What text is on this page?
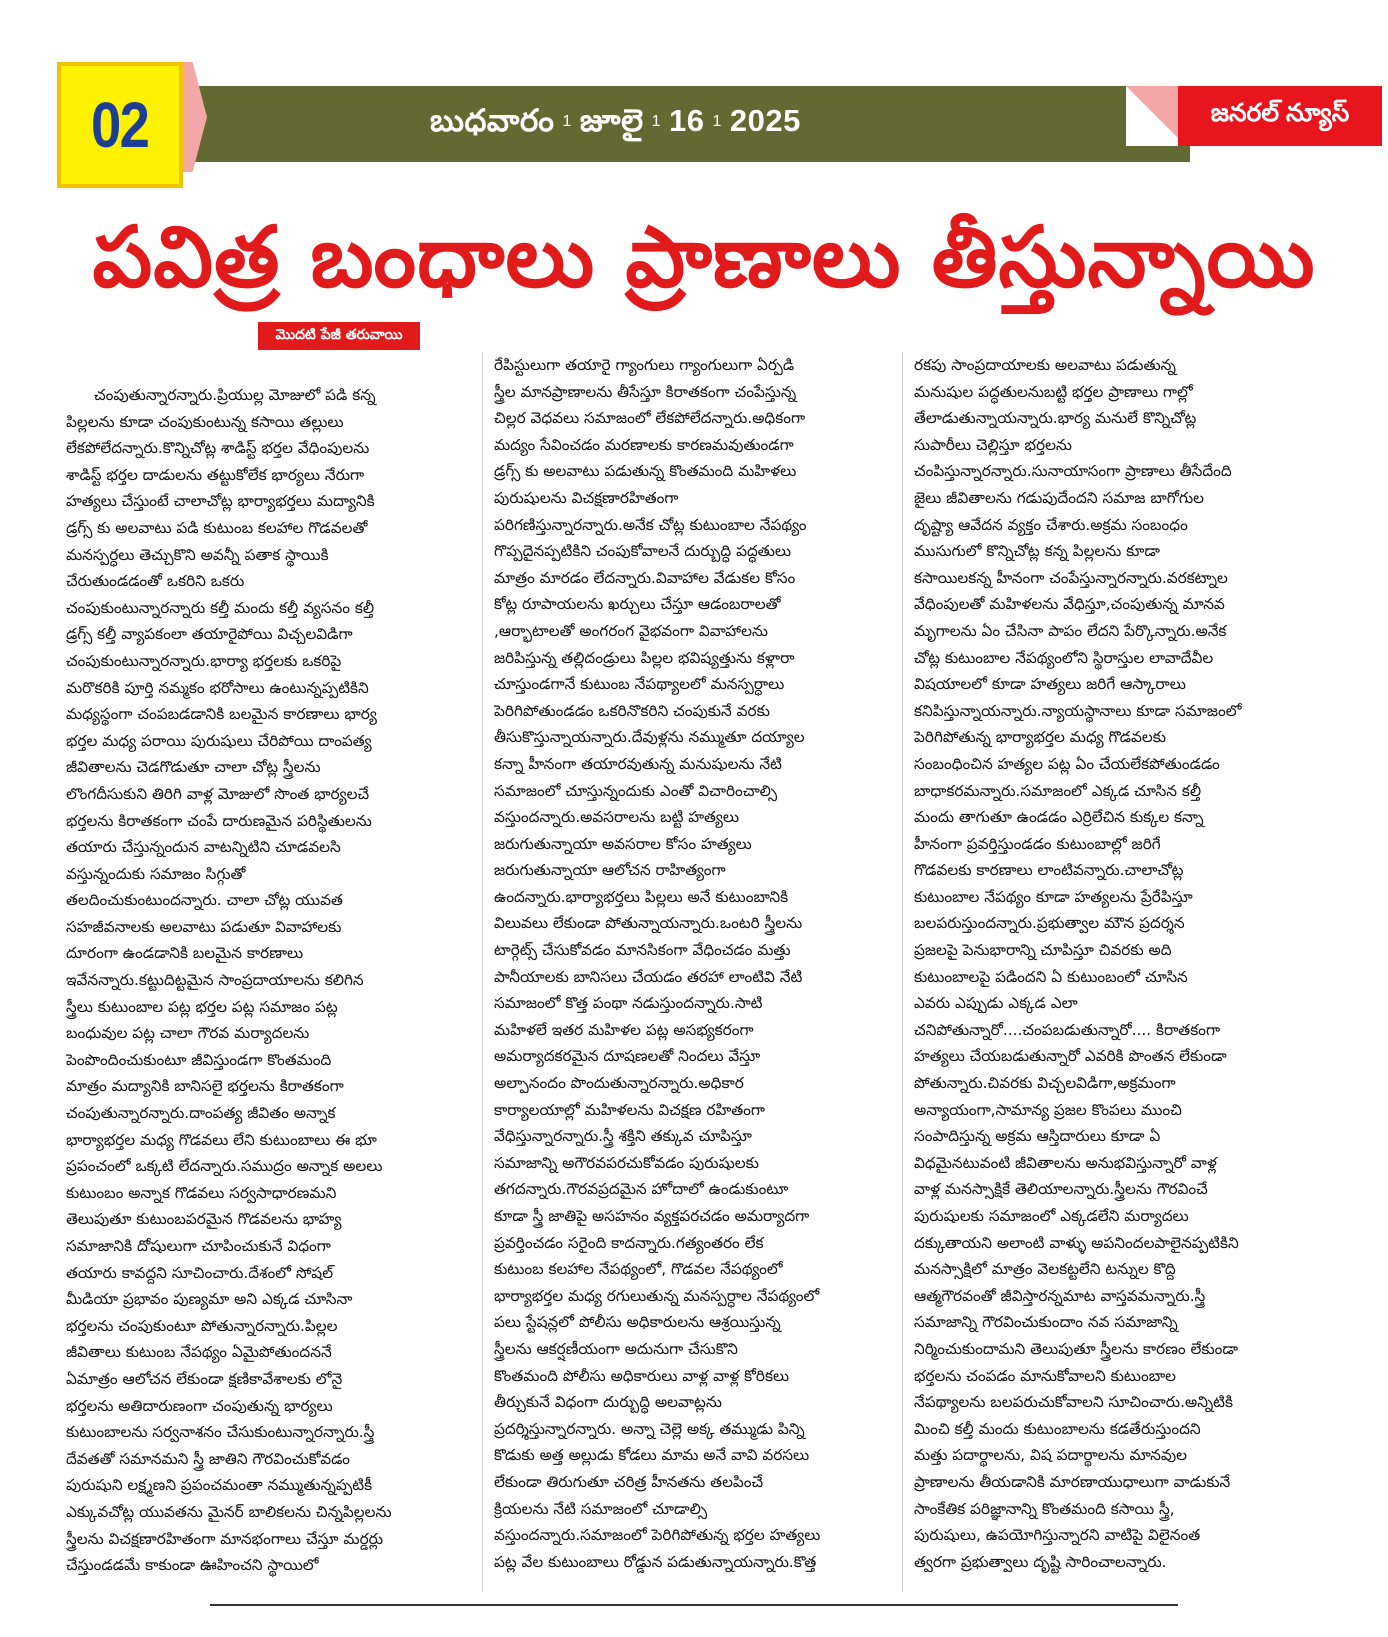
02	బుధవారం 1 జూలై 1 16 1 2025	జనరల్ న్యూస్
పవిత్ర బంధాలు ప్రాణాలు తీస్తున్నాయి
మొదటి పేజీ తరువాయి
చంపుతున్నారన్నారు.ప్రియుల్ల మోజులో పడి కన్న
పిల్లలను కూడా చంపుకుంటున్న కసాయి తల్లులు
లేకపోలేదన్నారు.కొన్నిచోట్ల శాడిస్ట్ భర్తల వేధింపులను
శాడిస్ట్ భర్తల దాడులను తట్టుకోలేక భార్యలు నేరుగా
హత్యలు చేస్తుంటే చాలాచోట్ల భార్యాభర్తలు మద్యానికి
డ్రగ్స్ కు అలవాటు పడి కుటుంబ కలహాల గొడవలతో
మనస్పర్ధలు తెచ్చుకొని అవన్నీ పతాక స్థాయికి
చేరుతుండడంతో ఒకరిని ఒకరు
చంపుకుంటున్నారన్నారు కల్తీ మందు కల్తీ వ్యసనం కల్తీ
డ్రగ్స్ కల్తీ వ్యాపకంలా తయారైపోయి విచ్చలవిడిగా
చంపుకుంటున్నారన్నారు.భార్యా భర్తలకు ఒకరిపై
మరొకరికి పూర్తి నమ్మకం భరోసాలు ఉంటున్నప్పటికిని
మధ్యస్థంగా చంపబడడానికి బలమైన కారణాలు భార్య
భర్తల మధ్య పరాయి పురుషులు చేరిపోయి దాంపత్య
జీవితాలను చెడగొడుతూ చాలా చోట్ల స్త్రీలను
లొంగదీసుకుని తిరిగి వాళ్ల మోజులో సొంత భార్యలచే
భర్తలను కిరాతకంగా చంపే దారుణమైన పరిస్థితులను
తయారు చేస్తున్నందున వాటన్నిటిని చూడవలసి
వస్తున్నందుకు సమాజం సిగ్గుతో
తలదించుకుంటుందన్నారు. చాలా చోట్ల యువత
సహజీవనాలకు అలవాటు పడుతూ వివాహాలకు
దూరంగా ఉండడానికి బలమైన కారణాలు
ఇవేనన్నారు.కట్టుదిట్టమైన సాంప్రదాయాలను కలిగిన
స్త్రీలు కుటుంబాల పట్ల భర్తల పట్ల సమాజం పట్ల
బంధువుల పట్ల చాలా గౌరవ మర్యాదలను
పెంపొందించుకుంటూ జీవిస్తుండగా కొంతమంది
మాత్రం మద్యానికి బానిసలై భర్తలను కిరాతకంగా
చంపుతున్నారన్నారు.దాంపత్య జీవితం అన్నాక
భార్యాభర్తల మధ్య గొడవలు లేని కుటుంబాలు ఈ భూ
ప్రపంచంలో ఒక్కటి లేదన్నారు.సముద్రం అన్నాక అలలు
కుటుంబం అన్నాక గొడవలు సర్వసాధారణమని
తెలుపుతూ కుటుంబపరమైన గొడవలను భాహ్య
సమాజానికి దోషులుగా చూపించుకునే విధంగా
తయారు కావద్దని సూచించారు.దేశంలో సోషల్
మీడియా ప్రభావం పుణ్యమా అని ఎక్కడ చూసినా
భర్తలను చంపుకుంటూ పోతున్నారన్నారు.పిల్లల
జీవితాలు కుటుంబ నేపథ్యం ఏమైపోతుందననే
ఏమాత్రం ఆలోచన లేకుండా క్షణికావేశాలకు లోనై
భర్తలను అతిదారుణంగా చంపుతున్న భార్యలు
కుటుంబాలను సర్వనాశనం చేసుకుంటున్నారన్నారు.స్త్రీ
దేవతతో సమానమని స్త్రీ జాతిని గౌరవించుకోవడం
పురుషుని లక్ష్మణని ప్రపంచమంతా నమ్ముతున్నప్పటికీ
ఎక్కువచోట్ల యువతను మైనర్ బాలికలను చిన్నపిల్లలను
స్త్రీలను విచక్షణారహితంగా మానభంగాలు చేస్తూ మర్డర్లు
చేస్తుండడమే కాకుండా ఊహించని స్థాయిలో
రేపిస్టులుగా తయారై గ్యాంగులు గ్యాంగులుగా ఏర్పడి
స్త్రీల మానప్రాణాలను తీసేస్తూ కిరాతకంగా చంపేస్తున్న
చిల్లర వెధవలు సమాజంలో లేకపోలేదన్నారు.అధికంగా
మద్యం సేవించడం మరణాలకు కారణమవుతుండగా
డ్రగ్స్ కు అలవాటు పడుతున్న కొంతమంది మహిళలు
పురుషులను విచక్షణారహితంగా
పరిగణిస్తున్నారన్నారు.అనేక చోట్ల కుటుంబాల నేపథ్యం
గొప్పదైనప్పటికిని చంపుకోవాలనే దుర్బుద్ధి పద్ధతులు
మాత్రం మారడం లేదన్నారు.వివాహాల వేడుకల కోసం
కోట్ల రూపాయలను ఖర్చులు చేస్తూ ఆడంబరాలతో
,ఆర్భాటాలతో అంగరంగ వైభవంగా వివాహాలను
జరిపిస్తున్న తల్లిదండ్రులు పిల్లల భవిష్యత్తును కళ్లారా
చూస్తుండగానే కుటుంబ నేపథ్యాలలో మనస్పర్ధాలు
పెరిగిపోతుండడం ఒకరినొకరిని చంపుకునే వరకు
తీసుకొస్తున్నాయన్నారు.దేవుళ్లను నమ్ముతూ దయ్యాల
కన్నా హీనంగా తయారవుతున్న మనుషులను నేటి
సమాజంలో చూస్తున్నందుకు ఎంతో విచారించాల్సి
వస్తుందన్నారు.అవసరాలను బట్టి హత్యలు
జరుగుతున్నాయా అవసరాల కోసం హత్యలు
జరుగుతున్నాయా ఆలోచన రాహిత్యంగా
ఉందన్నారు.భార్యాభర్తలు పిల్లలు అనే కుటుంబానికి
విలువలు లేకుండా పోతున్నాయన్నారు.ఒంటరి స్త్రీలను
టార్గెట్స్ చేసుకోవడం మానసికంగా వేధించడం మత్తు
పానీయాలకు బానిసలు చేయడం తరహా లాంటివి నేటి
సమాజంలో కొత్త పంథా నడుస్తుందన్నారు.సాటి
మహిళలే ఇతర మహిళల పట్ల అసభ్యకరంగా
అమర్యాదకరమైన దూషణలతో నిందలు వేస్తూ
అల్పానందం పొందుతున్నారన్నారు.అధికార
కార్యాలయాల్లో మహిళలను విచక్షణ రహితంగా
వేధిస్తున్నారన్నారు.స్త్రీ శక్తిని తక్కువ చూపిస్తూ
సమాజాన్ని అగౌరవపరచుకోవడం పురుషులకు
తగదన్నారు.గౌరవప్రదమైన హోదాలో ఉండుకుంటూ
కూడా స్త్రీ జాతిపై అసహనం వ్యక్తపరచడం అమర్యాదగా
ప్రవర్తించడం సరైంది కాదన్నారు.గత్యంతరం లేక
కుటుంబ కలహాల నేపథ్యంలో, గొడవల నేపథ్యంలో
భార్యాభర్తల మధ్య రగులుతున్న మనస్పర్ధాల నేపథ్యంలో
పలు స్టేషన్లలో పోలీసు అధికారులను ఆశ్రయిస్తున్న
స్త్రీలను ఆకర్షణీయంగా అదునుగా చేసుకొని
కొంతమంది పోలీసు అధికారులు వాళ్ల వాళ్ల కోరికలు
తీర్చుకునే విధంగా దుర్బుద్ధి అలవాట్లను
ప్రదర్శిస్తున్నారన్నారు. అన్నా చెల్లె అక్క తమ్ముడు పిన్ని
కొడుకు అత్త అల్లుడు కోడలు మామ అనే వావి వరసలు
లేకుండా తిరుగుతూ చరిత్ర హీనతను తలపించే
క్రియలను నేటి సమాజంలో చూడాల్సి
వస్తుందన్నారు.సమాజంలో పెరిగిపోతున్న భర్తల హత్యలు
పట్ల వేల కుటుంబాలు రోడ్డున పడుతున్నాయన్నారు.కొత్త
రకపు సాంప్రదాయాలకు అలవాటు పడుతున్న
మనుషుల పద్ధతులనుబట్టి భర్తల ప్రాణాలు గాల్లో
తేలాడుతున్నాయన్నారు.భార్య మనులే కొన్నిచోట్ల
సుపారీలు చెల్లిస్తూ భర్తలను
చంపిస్తున్నారన్నారు.సునాయాసంగా ప్రాణాలు తీసేదేంది
జైలు జీవితాలను గడుపుదేందని సమాజ బాగోగుల
దృష్ట్యా ఆవేదన వ్యక్తం చేశారు.అక్రమ సంబంధం
ముసుగులో కొన్నిచోట్ల కన్న పిల్లలను కూడా
కసాయిలకన్న హీనంగా చంపేస్తున్నారన్నారు.వరకట్నాల
వేధింపులతో మహిళలను వేధిస్తూ,చంపుతున్న మానవ
మృగాలను ఏం చేసినా పాపం లేదని పేర్కొన్నారు.అనేక
చోట్ల కుటుంబాల నేపథ్యంలోని స్థిరాస్తుల లావాదేవీల
విషయాలలో కూడా హత్యలు జరిగే ఆస్కారాలు
కనిపిస్తున్నాయన్నారు.న్యాయస్థానాలు కూడా సమాజంలో
పెరిగిపోతున్న భార్యాభర్తల మధ్య గొడవలకు
సంబంధించిన హత్యల పట్ల ఏం చేయలేకపోతుండడం
బాధాకరమన్నారు.సమాజంలో ఎక్కడ చూసిన కల్తీ
మందు తాగుతూ ఉండడం ఎర్రిలేచిన కుక్కల కన్నా
హీనంగా ప్రవర్తిస్తుండడం కుటుంబాల్లో జరిగే
గొడవలకు కారణాలు లాంటివన్నారు.చాలాచోట్ల
కుటుంబాల నేపథ్యం కూడా హత్యలను ప్రేరేపిస్తూ
బలపరుస్తుందన్నారు.ప్రభుత్వాల మౌన ప్రదర్శన
ప్రజలపై పెనుభారాన్ని చూపిస్తూ చివరకు అది
కుటుంబాలపై పడిందని ఏ కుటుంబంలో చూసిన
ఎవరు ఎప్పుడు ఎక్కడ ఎలా
చనిపోతున్నారో....చంపబడుతున్నారో.... కిరాతకంగా
హత్యలు చేయబడుతున్నారో ఎవరికి పొంతన లేకుండా
పోతున్నారు.చివరకు విచ్చలవిడిగా,అక్రమంగా
అన్యాయంగా,సామాన్య ప్రజల కొంపలు ముంచి
సంపాదిస్తున్న అక్రమ ఆస్తిదారులు కూడా ఏ
విధమైనటువంటి జీవితాలను అనుభవిస్తున్నారో వాళ్ల
వాళ్ల మనస్సాక్షికే తెలియాలన్నారు.స్త్రీలను గౌరవించే
పురుషులకు సమాజంలో ఎక్కడలేని మర్యాదలు
దక్కుతాయని అలాంటి వాళ్ళు అపనిందలపాలైనప్పటికిని
మనస్సాక్షిలో మాత్రం వెలకట్టలేని టన్నుల కొద్ది
ఆత్మగౌరవంతో జీవిస్తారన్నమాట వాస్తవమన్నారు.స్త్రీ
సమాజాన్ని గౌరవించుకుందాం నవ సమాజాన్ని
నిర్మించుకుందామని తెలుపుతూ స్త్రీలను కారణం లేకుండా
భర్తలను చంపడం మానుకోవాలని కుటుంబాల
నేపథ్యాలను బలపరుచుకోవాలని సూచించారు.అన్నిటికి
మించి కల్తీ మందు కుటుంబాలను కడతేరుస్తుందని
మత్తు పదార్థాలను, విష పదార్థాలను మానవుల
ప్రాణాలను తీయడానికి మారణాయుధాలుగా వాడుకునే
సాంకేతిక పరిజ్ఞానాన్ని కొంతమంది కసాయి స్త్రీ,
పురుషులు, ఉపయోగిస్తున్నారని వాటిపై విలైనంత
త్వరగా ప్రభుత్వాలు దృష్టి సారించాలన్నారు.
